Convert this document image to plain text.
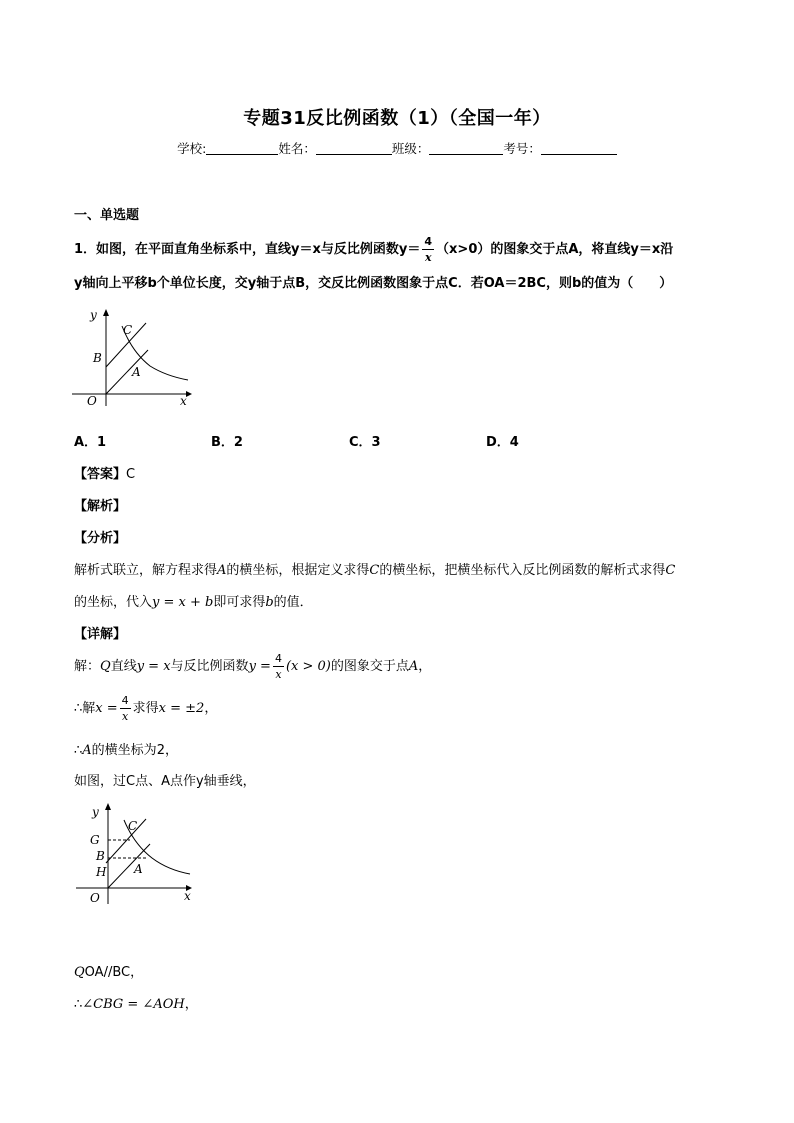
专题31反比例函数（1）（全国一年）
学校:	姓名：	班级：	考号：
一、单选题
1．如图，在平面直角坐标系中，直线y＝x与反比例函数$y= \frac{4}{x} (x>0)$的图象交于点A，将直线y＝x沿
y轴向上平移b个单位长度，交y轴于点B，交反比例函数图象于点C．若OA＝2BC，则b的值为（　　）
y
x
O
B
C
A
A．1	B．2	C．3	D．4
【答案】C
【解析】
【分析】
解析式联立，解方程求得A的横坐标，根据定义求得C的横坐标，把横坐标代入反比例函数的解析式求得C
的坐标，代入y = x + b即可求得b的值．
【详解】
解：Q直线y = x与反比例函数$y = \frac{4}{x} (x > 0)$的图象交于点A，
∴解$x = \frac{4}{x}$ 求得x = ±2，
∴A的横坐标为2，
如图，过C点、A点作y轴垂线，
y
x
O
G
B
H
C
A
QOA//BC，
∴∠CBG = ∠AOH，
